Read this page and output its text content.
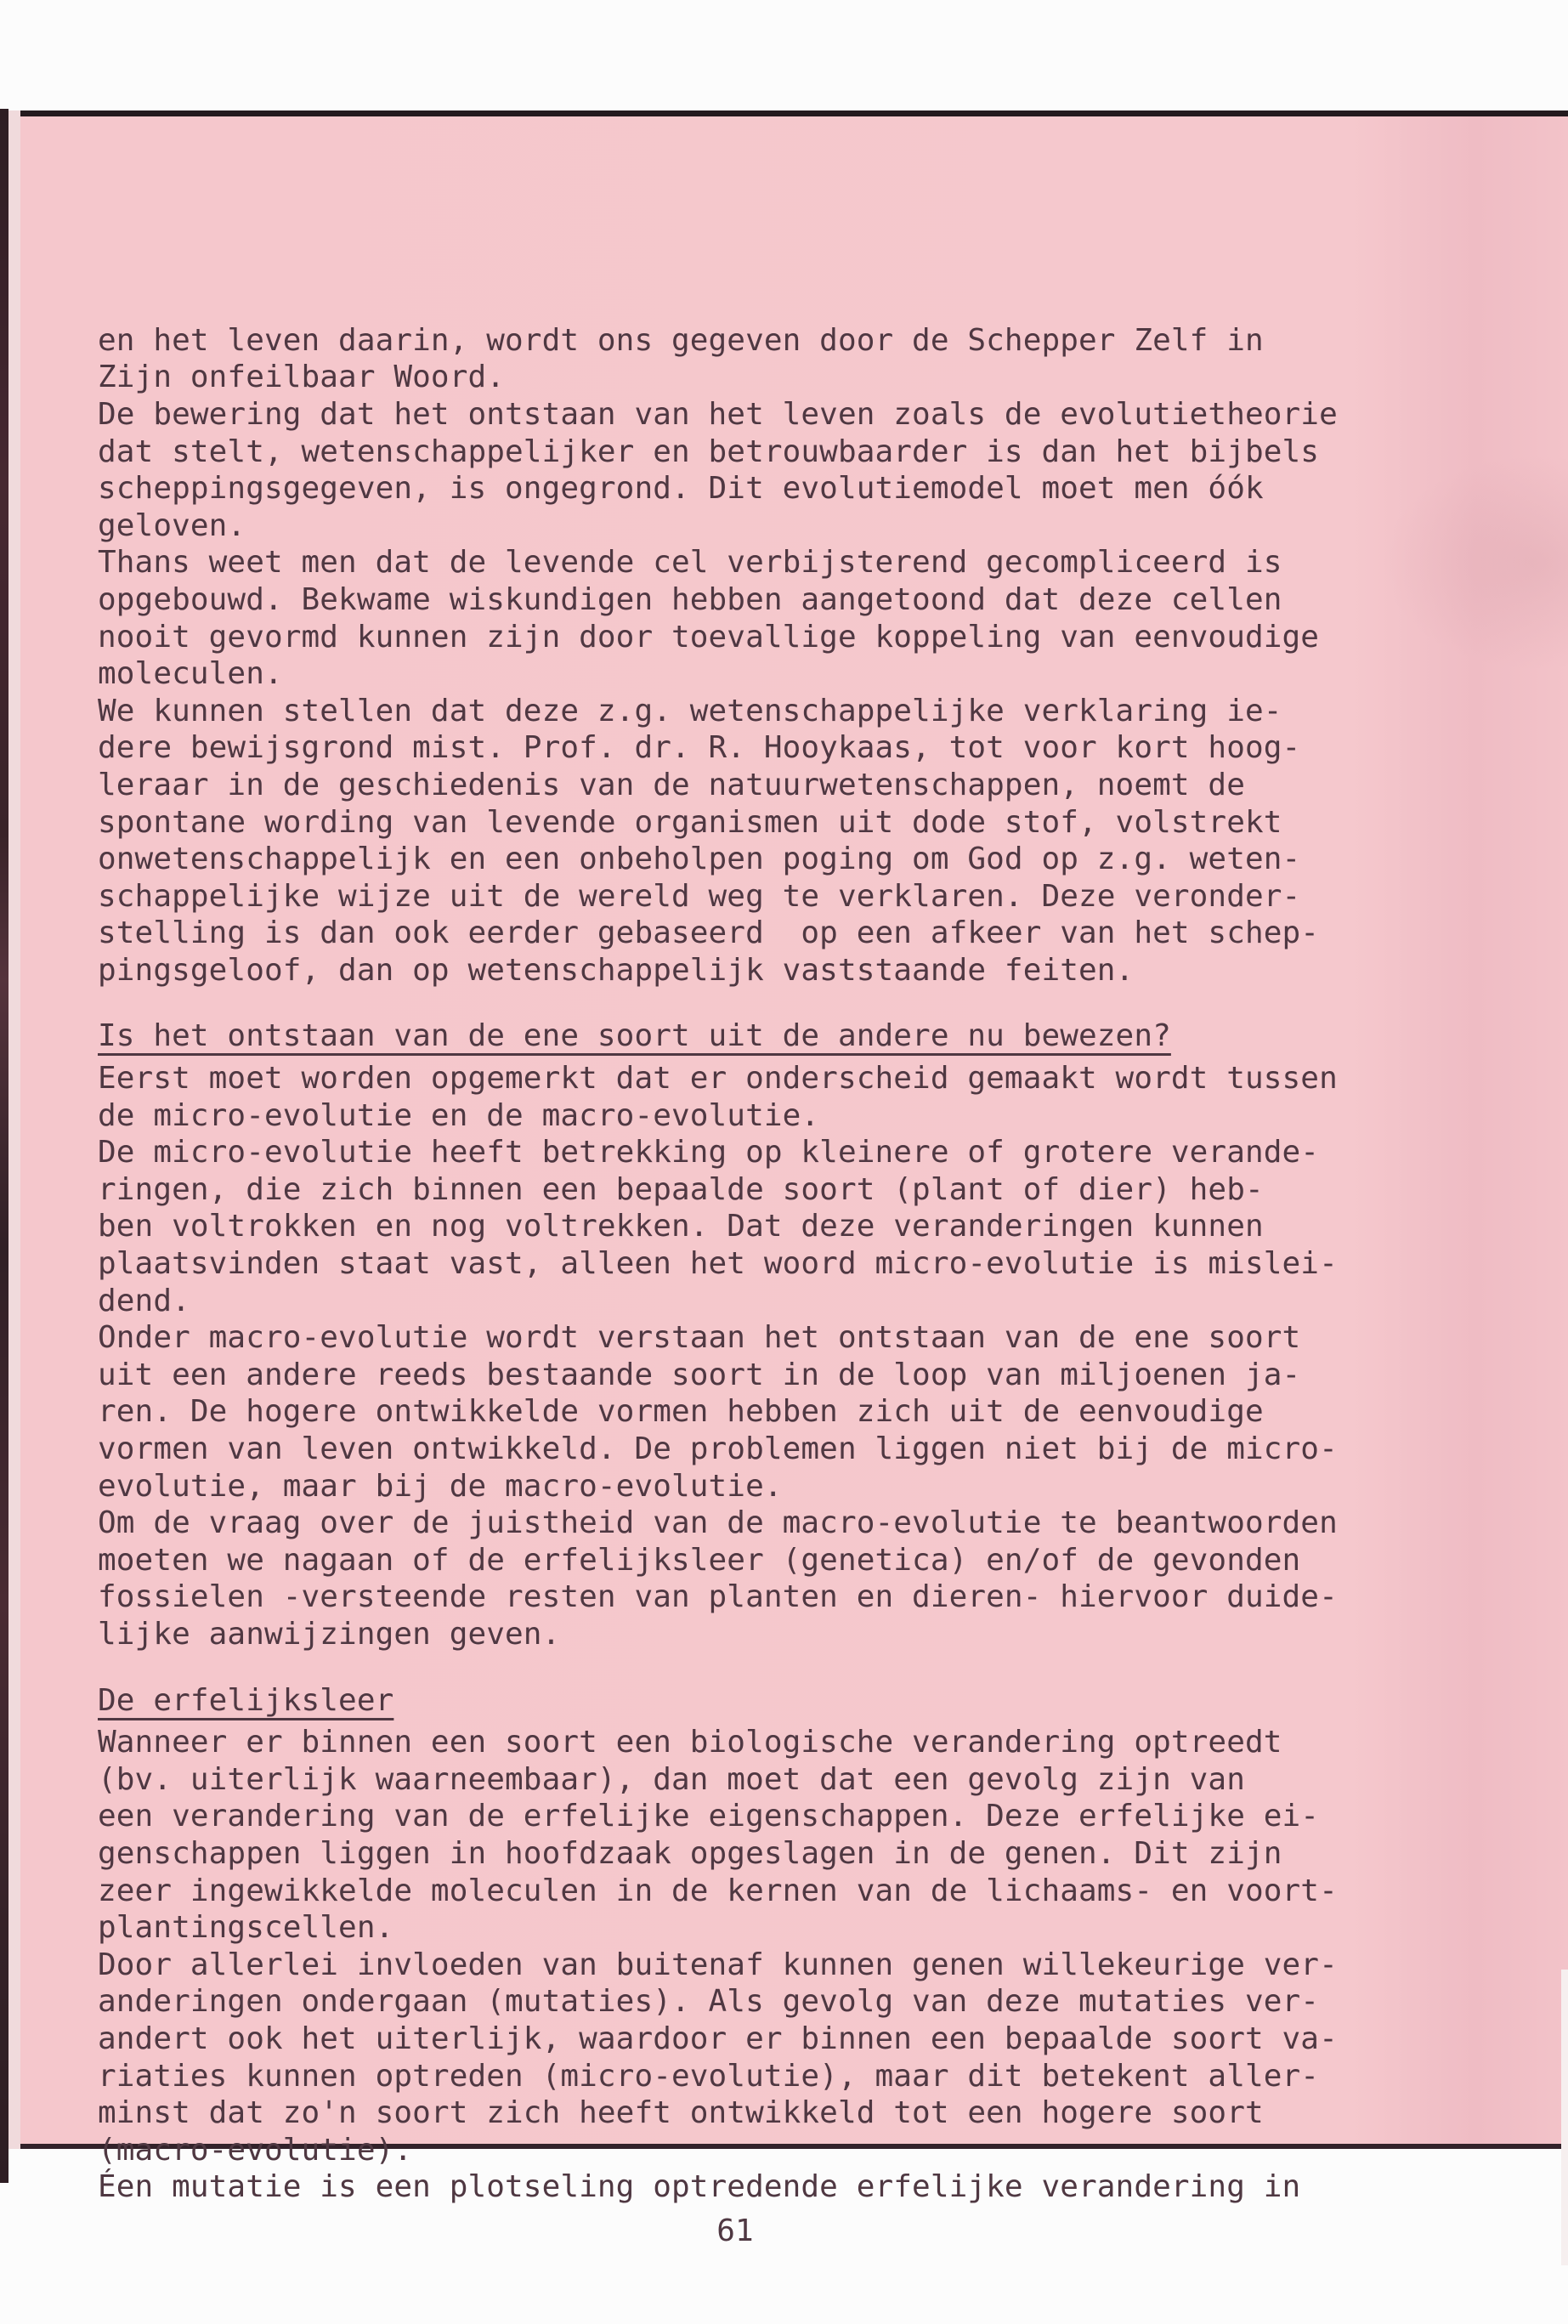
en het leven daarin, wordt ons gegeven door de Schepper Zelf in
Zijn onfeilbaar Woord.
De bewering dat het ontstaan van het leven zoals de evolutietheorie
dat stelt, wetenschappelijker en betrouwbaarder is dan het bijbels
scheppingsgegeven, is ongegrond. Dit evolutiemodel moet men óók
geloven.
Thans weet men dat de levende cel verbijsterend gecompliceerd is
opgebouwd. Bekwame wiskundigen hebben aangetoond dat deze cellen
nooit gevormd kunnen zijn door toevallige koppeling van eenvoudige
moleculen.
We kunnen stellen dat deze z.g. wetenschappelijke verklaring ie-
dere bewijsgrond mist. Prof. dr. R. Hooykaas, tot voor kort hoog-
leraar in de geschiedenis van de natuurwetenschappen, noemt de
spontane wording van levende organismen uit dode stof, volstrekt
onwetenschappelijk en een onbeholpen poging om God op z.g. weten-
schappelijke wijze uit de wereld weg te verklaren. Deze veronder-
stelling is dan ook eerder gebaseerd  op een afkeer van het schep-
pingsgeloof, dan op wetenschappelijk vaststaande feiten.
Is het ontstaan van de ene soort uit de andere nu bewezen?
Eerst moet worden opgemerkt dat er onderscheid gemaakt wordt tussen
de micro-evolutie en de macro-evolutie.
De micro-evolutie heeft betrekking op kleinere of grotere verande-
ringen, die zich binnen een bepaalde soort (plant of dier) heb-
ben voltrokken en nog voltrekken. Dat deze veranderingen kunnen
plaatsvinden staat vast, alleen het woord micro-evolutie is mislei-
dend.
Onder macro-evolutie wordt verstaan het ontstaan van de ene soort
uit een andere reeds bestaande soort in de loop van miljoenen ja-
ren. De hogere ontwikkelde vormen hebben zich uit de eenvoudige
vormen van leven ontwikkeld. De problemen liggen niet bij de micro-
evolutie, maar bij de macro-evolutie.
Om de vraag over de juistheid van de macro-evolutie te beantwoorden
moeten we nagaan of de erfelijksleer (genetica) en/of de gevonden
fossielen -versteende resten van planten en dieren- hiervoor duide-
lijke aanwijzingen geven.
De erfelijksleer
Wanneer er binnen een soort een biologische verandering optreedt
(bv. uiterlijk waarneembaar), dan moet dat een gevolg zijn van
een verandering van de erfelijke eigenschappen. Deze erfelijke ei-
genschappen liggen in hoofdzaak opgeslagen in de genen. Dit zijn
zeer ingewikkelde moleculen in de kernen van de lichaams- en voort-
plantingscellen.
Door allerlei invloeden van buitenaf kunnen genen willekeurige ver-
anderingen ondergaan (mutaties). Als gevolg van deze mutaties ver-
andert ook het uiterlijk, waardoor er binnen een bepaalde soort va-
riaties kunnen optreden (micro-evolutie), maar dit betekent aller-
minst dat zo'n soort zich heeft ontwikkeld tot een hogere soort
(macro-evolutie).
Éen mutatie is een plotseling optredende erfelijke verandering in
61
